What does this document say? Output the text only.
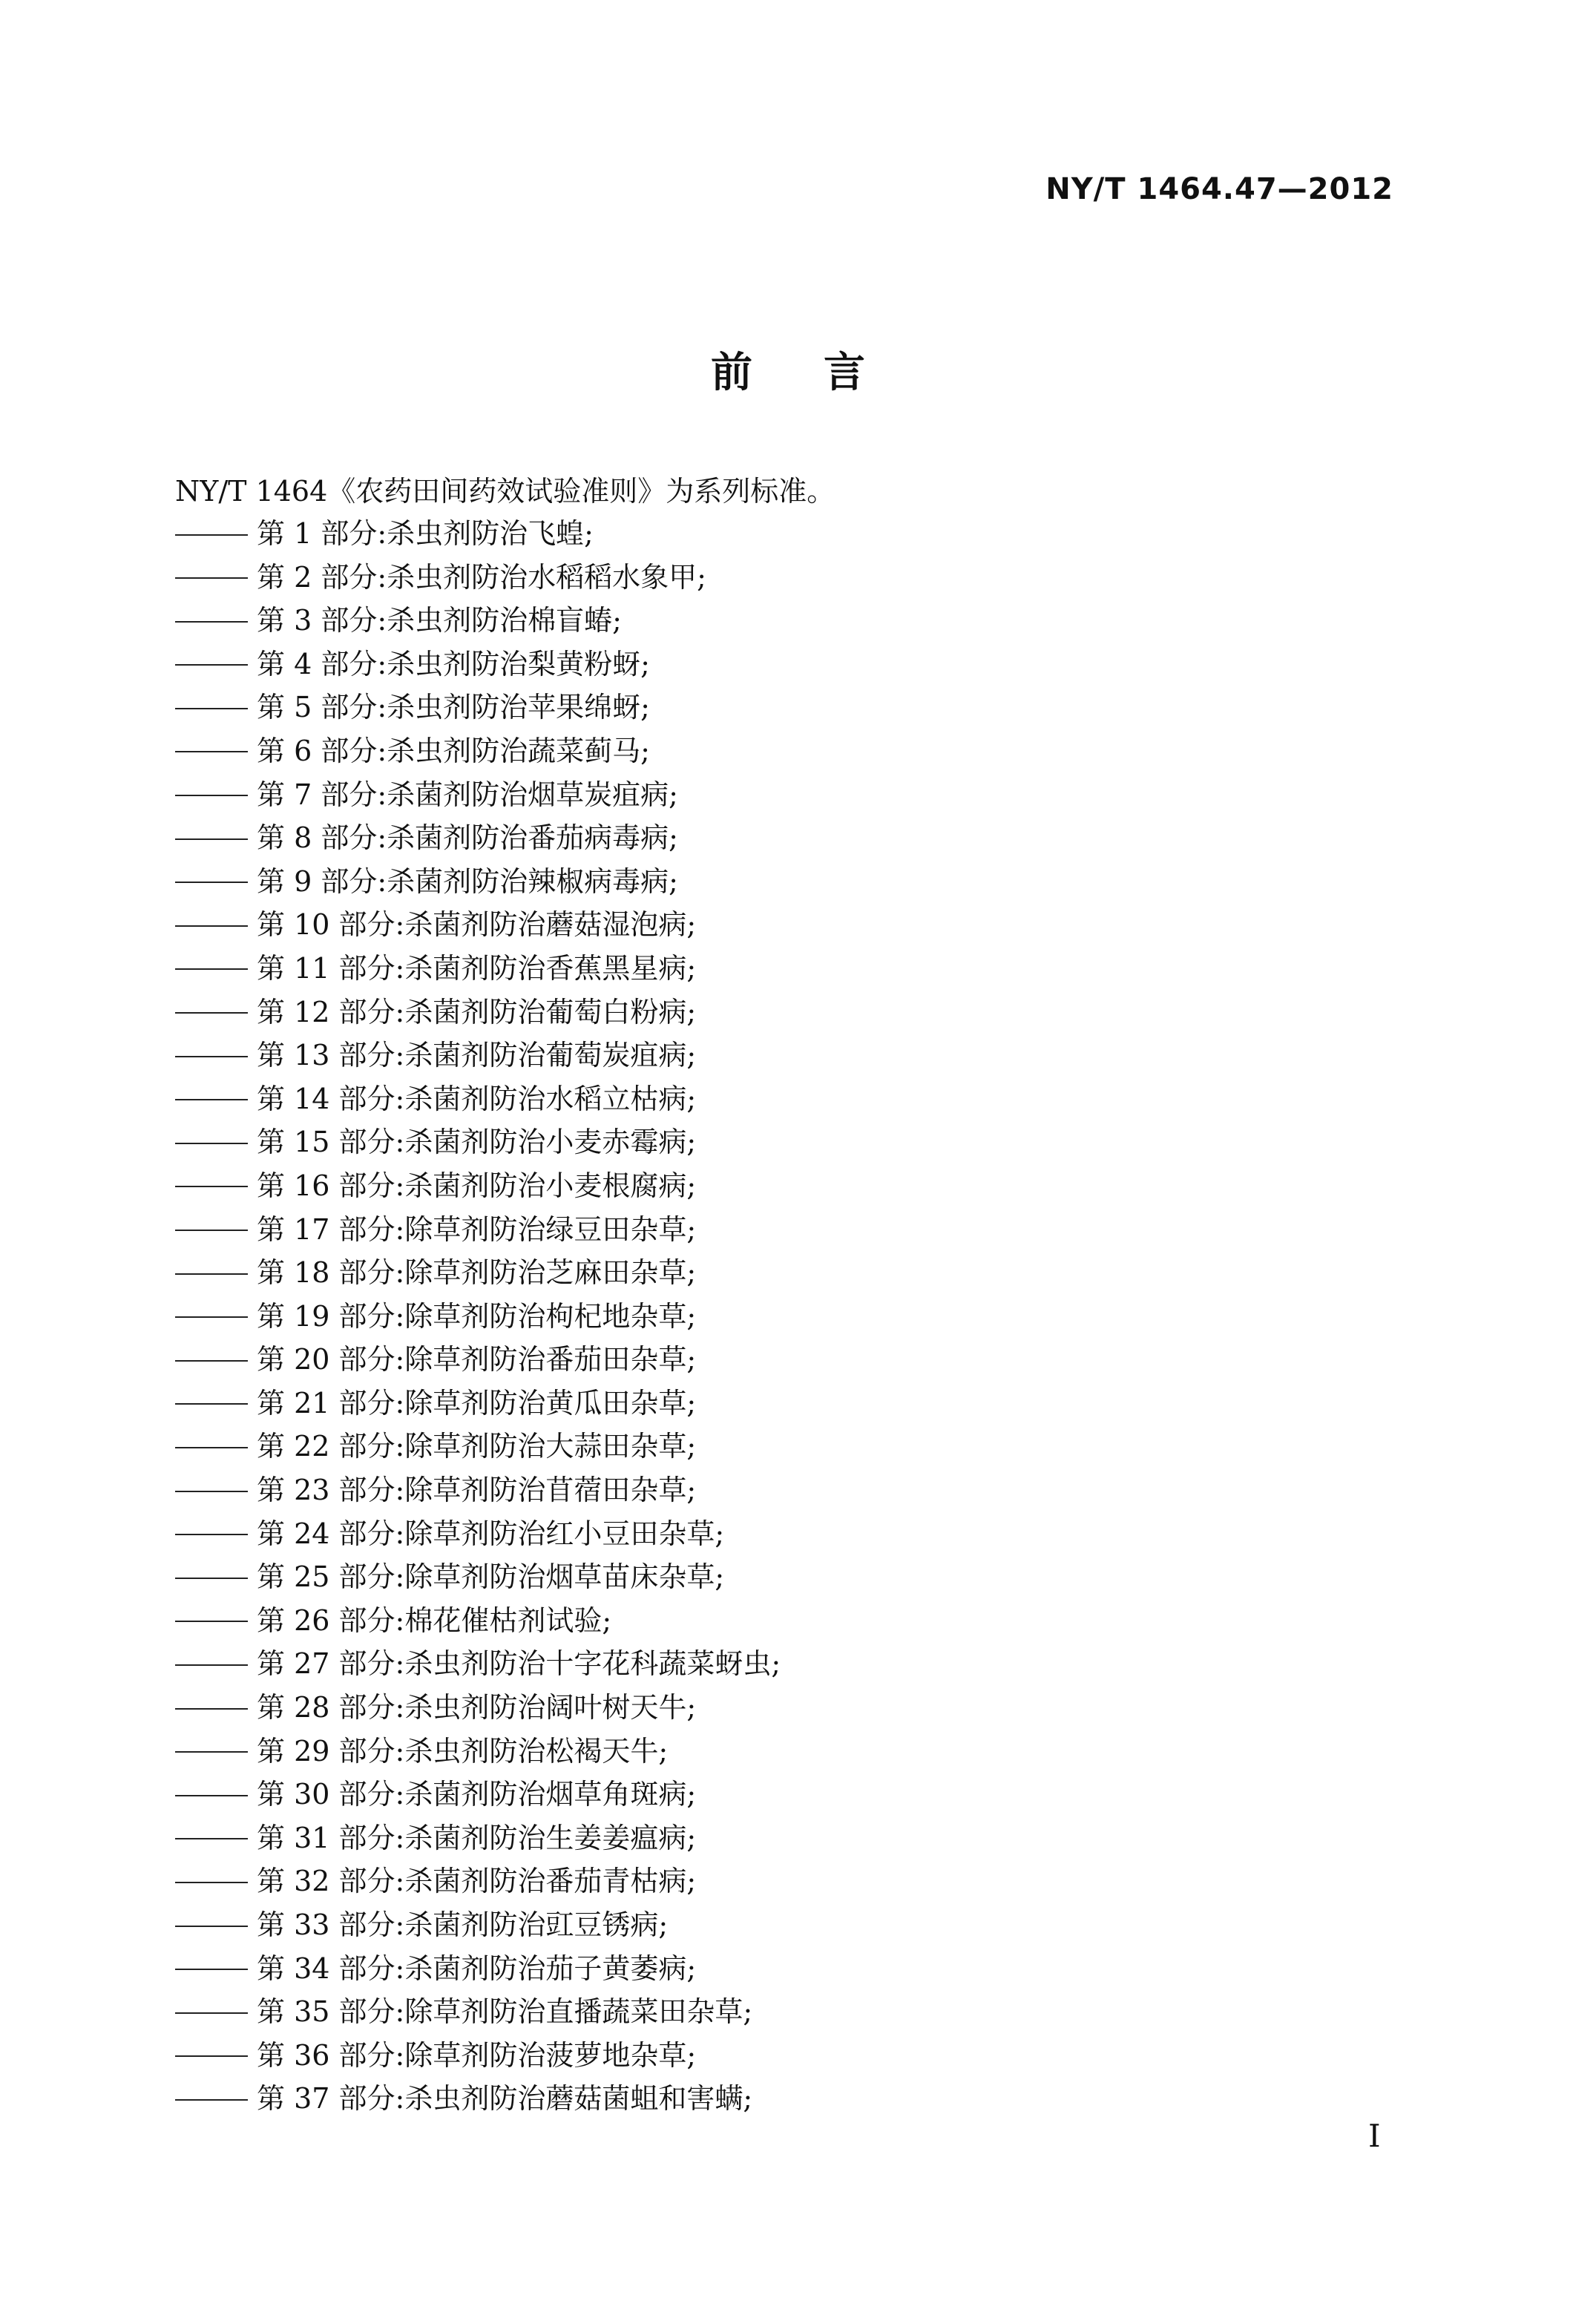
NY/T 1464.47—2012
前言

NY/T 1464《农药田间药效试验准则》为系列标准。

第 1 部分:杀虫剂防治飞蝗;
第 2 部分:杀虫剂防治水稻稻水象甲;
第 3 部分:杀虫剂防治棉盲蝽;
第 4 部分:杀虫剂防治梨黄粉蚜;
第 5 部分:杀虫剂防治苹果绵蚜;
第 6 部分:杀虫剂防治蔬菜蓟马;
第 7 部分:杀菌剂防治烟草炭疽病;
第 8 部分:杀菌剂防治番茄病毒病;
第 9 部分:杀菌剂防治辣椒病毒病;
第 10 部分:杀菌剂防治蘑菇湿泡病;
第 11 部分:杀菌剂防治香蕉黑星病;
第 12 部分:杀菌剂防治葡萄白粉病;
第 13 部分:杀菌剂防治葡萄炭疽病;
第 14 部分:杀菌剂防治水稻立枯病;
第 15 部分:杀菌剂防治小麦赤霉病;
第 16 部分:杀菌剂防治小麦根腐病;
第 17 部分:除草剂防治绿豆田杂草;
第 18 部分:除草剂防治芝麻田杂草;
第 19 部分:除草剂防治枸杞地杂草;
第 20 部分:除草剂防治番茄田杂草;
第 21 部分:除草剂防治黄瓜田杂草;
第 22 部分:除草剂防治大蒜田杂草;
第 23 部分:除草剂防治苜蓿田杂草;
第 24 部分:除草剂防治红小豆田杂草;
第 25 部分:除草剂防治烟草苗床杂草;
第 26 部分:棉花催枯剂试验;
第 27 部分:杀虫剂防治十字花科蔬菜蚜虫;
第 28 部分:杀虫剂防治阔叶树天牛;
第 29 部分:杀虫剂防治松褐天牛;
第 30 部分:杀菌剂防治烟草角斑病;
第 31 部分:杀菌剂防治生姜姜瘟病;
第 32 部分:杀菌剂防治番茄青枯病;
第 33 部分:杀菌剂防治豇豆锈病;
第 34 部分:杀菌剂防治茄子黄萎病;
第 35 部分:除草剂防治直播蔬菜田杂草;
第 36 部分:除草剂防治菠萝地杂草;
第 37 部分:杀虫剂防治蘑菇菌蛆和害螨;
I
